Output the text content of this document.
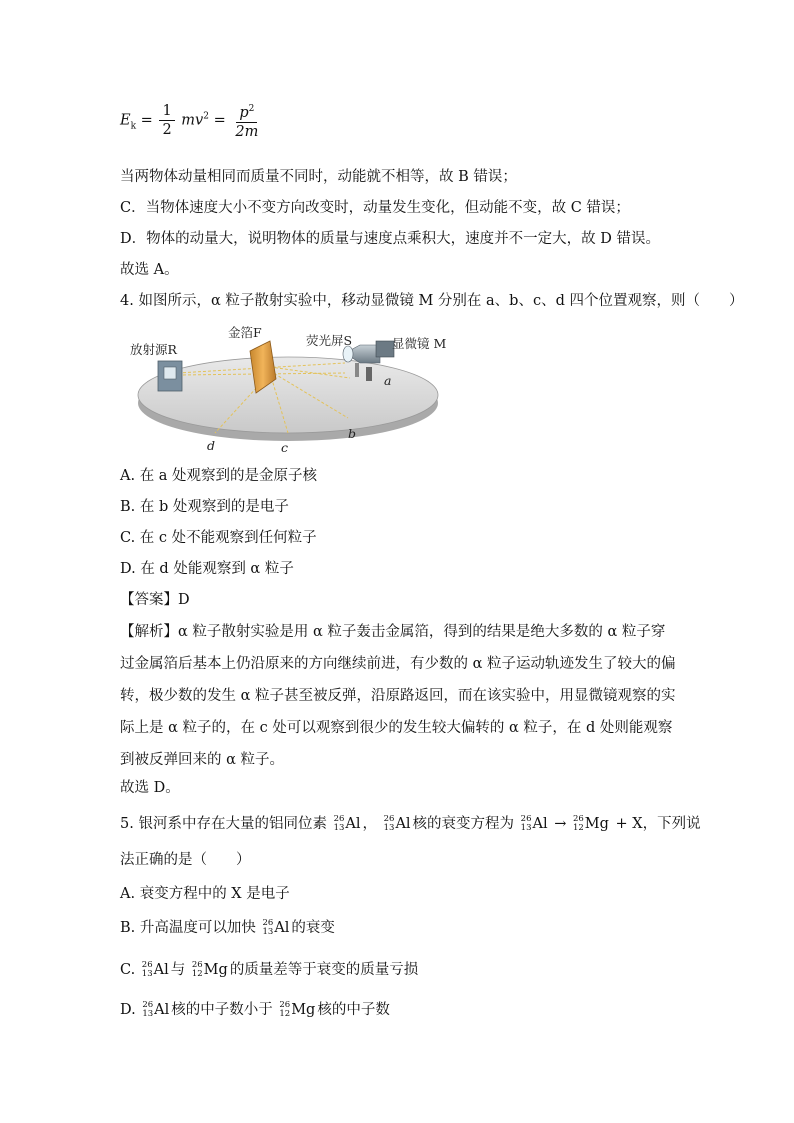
$E_k = \frac{1}{2} mv^2 = \frac{p^2}{2m}$
当两物体动量相同而质量不同时，动能就不相等，故 B 错误；
C．当物体速度大小不变方向改变时，动量发生变化，但动能不变，故 C 错误；
D．物体的动量大，说明物体的质量与速度点乘积大，速度并不一定大，故 D 错误。
故选 A。
4. 如图所示，α 粒子散射实验中，移动显微镜 M 分别在 a、b、c、d 四个位置观察，则（　　）
放射源R
金箔F
荧光屏S	显微镜 M
a
b
c
d
A. 在 a 处观察到的是金原子核
B. 在 b 处观察到的是电子
C. 在 c 处不能观察到任何粒子
D. 在 d 处能观察到 α 粒子
【答案】D
【解析】α 粒子散射实验是用 α 粒子轰击金属箔，得到的结果是绝大多数的 α 粒子穿过金属箔后基本上仍沿原来的方向继续前进，有少数的 α 粒子运动轨迹发生了较大的偏转，极少数的发生 α 粒子甚至被反弹，沿原路返回，而在该实验中，用显微镜观察的实际上是 α 粒子的，在 c 处可以观察到很少的发生较大偏转的 α 粒子，在 d 处则能观察到被反弹回来的 α 粒子。
故选 D。
5. 银河系中存在大量的铝同位素 26
13 Al ， 26
13 Al 核的衰变方程为 26
13 Al → 26
12 Mg + X，下列说
法正确的是（　　）
A. 衰变方程中的 X 是电子
B. 升高温度可以加快 26
13 Al 的衰变
C. 26
13 Al 与 26
12 Mg 的质量差等于衰变的质量亏损
D. 26
13 Al 核的中子数小于 26
12 Mg 核的中子数
